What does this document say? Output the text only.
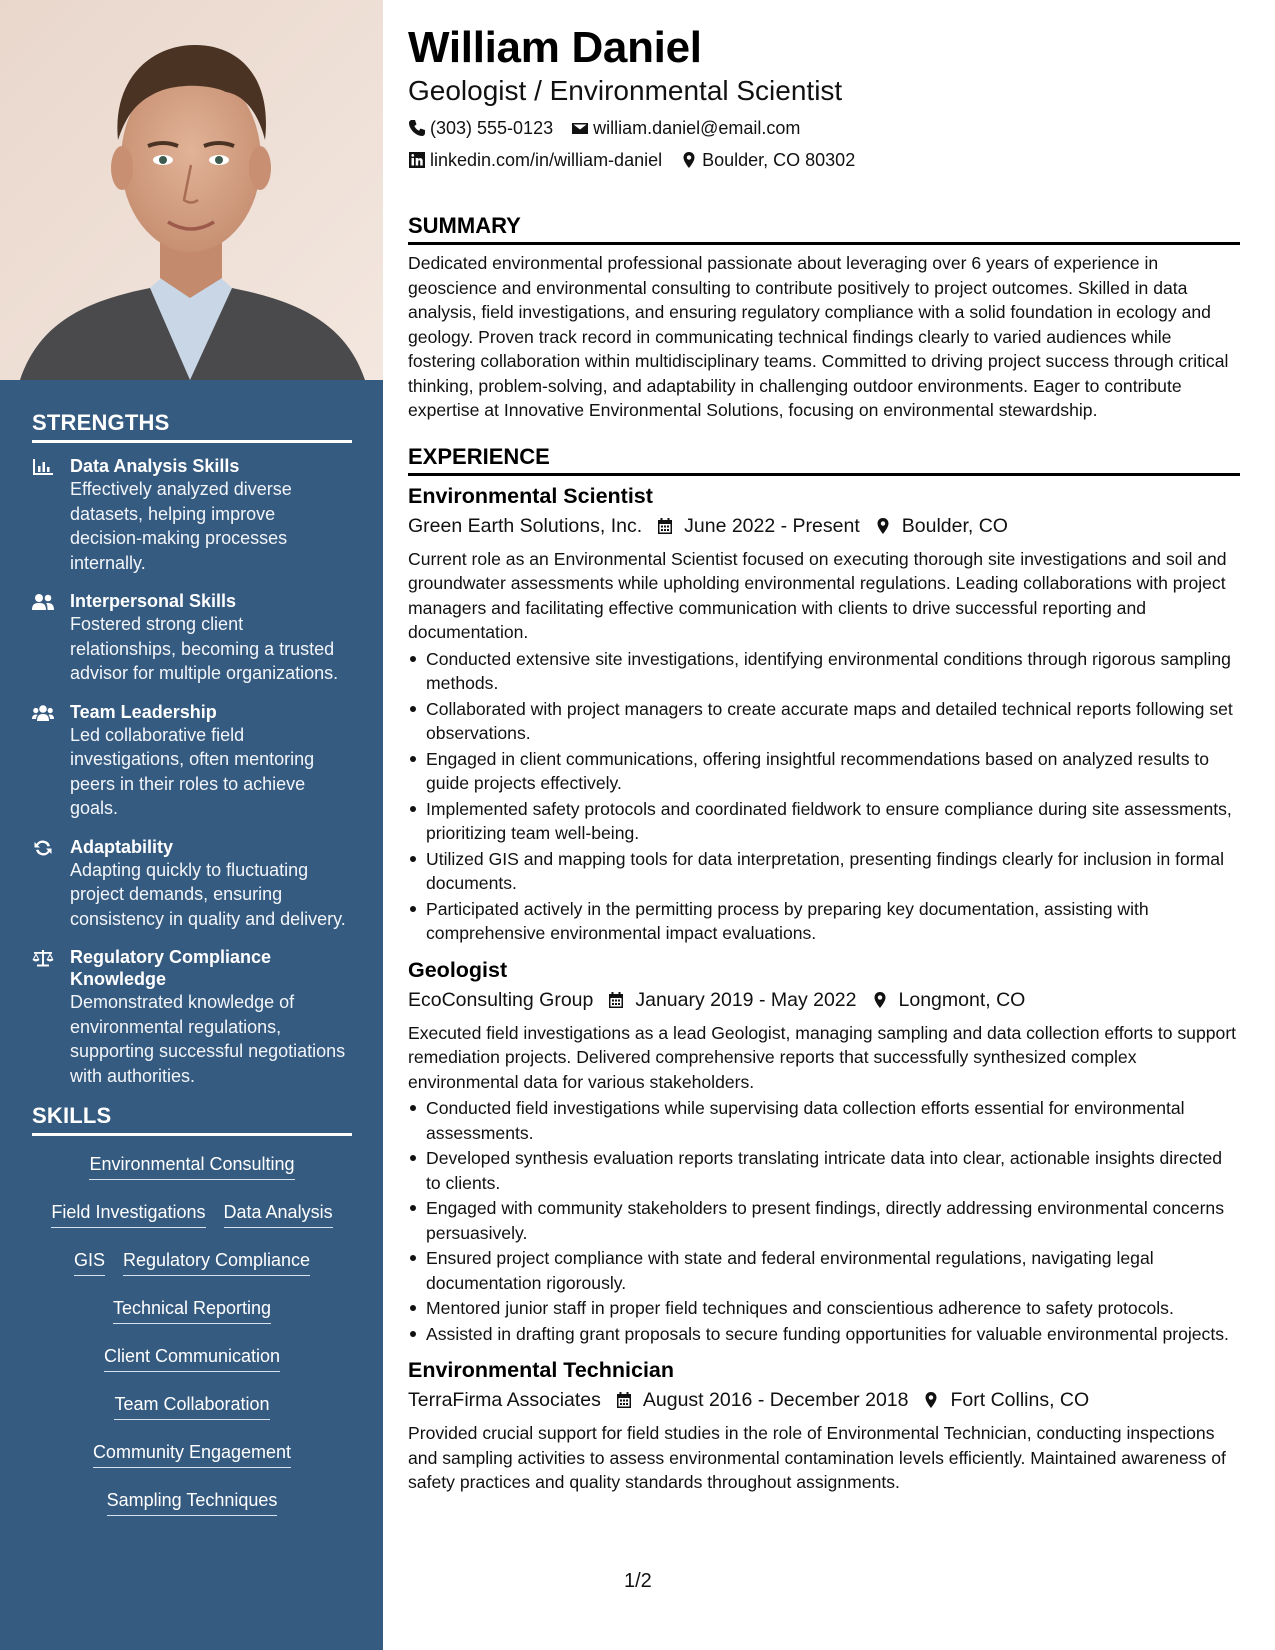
STRENGTHS
Data Analysis Skills
Effectively analyzed diverse datasets, helping improve decision-making processes internally.
Interpersonal Skills
Fostered strong client relationships, becoming a trusted advisor for multiple organizations.
Team Leadership
Led collaborative field investigations, often mentoring peers in their roles to achieve goals.
Adaptability
Adapting quickly to fluctuating project demands, ensuring consistency in quality and delivery.
Regulatory Compliance Knowledge
Demonstrated knowledge of environmental regulations, supporting successful negotiations with authorities.
SKILLS
Environmental Consulting
Field Investigations Data Analysis
GIS Regulatory Compliance
Technical Reporting
Client Communication
Team Collaboration
Community Engagement
Sampling Techniques
William Daniel
Geologist / Environmental Scientist
(303) 555-0123 william.daniel@email.com
linkedin.com/in/william-daniel Boulder, CO 80302
SUMMARY

Dedicated environmental professional passionate about leveraging over 6 years of experience in geoscience and environmental consulting to contribute positively to project outcomes. Skilled in data analysis, field investigations, and ensuring regulatory compliance with a solid foundation in ecology and geology. Proven track record in communicating technical findings clearly to varied audiences while fostering collaboration within multidisciplinary teams. Committed to driving project success through critical thinking, problem-solving, and adaptability in challenging outdoor environments. Eager to contribute expertise at Innovative Environmental Solutions, focusing on environmental stewardship.

EXPERIENCE
Environmental Scientist
Green Earth Solutions, Inc. June 2022 - Present Boulder, CO

Current role as an Environmental Scientist focused on executing thorough site investigations and soil and groundwater assessments while upholding environmental regulations. Leading collaborations with project managers and facilitating effective communication with clients to drive successful reporting and documentation.

Conducted extensive site investigations, identifying environmental conditions through rigorous sampling methods.
Collaborated with project managers to create accurate maps and detailed technical reports following set observations.
Engaged in client communications, offering insightful recommendations based on analyzed results to guide projects effectively.
Implemented safety protocols and coordinated fieldwork to ensure compliance during site assessments, prioritizing team well-being.
Utilized GIS and mapping tools for data interpretation, presenting findings clearly for inclusion in formal documents.
Participated actively in the permitting process by preparing key documentation, assisting with comprehensive environmental impact evaluations.
Geologist
EcoConsulting Group January 2019 - May 2022 Longmont, CO

Executed field investigations as a lead Geologist, managing sampling and data collection efforts to support remediation projects. Delivered comprehensive reports that successfully synthesized complex environmental data for various stakeholders.

Conducted field investigations while supervising data collection efforts essential for environmental assessments.
Developed synthesis evaluation reports translating intricate data into clear, actionable insights directed to clients.
Engaged with community stakeholders to present findings, directly addressing environmental concerns persuasively.
Ensured project compliance with state and federal environmental regulations, navigating legal documentation rigorously.
Mentored junior staff in proper field techniques and conscientious adherence to safety protocols.
Assisted in drafting grant proposals to secure funding opportunities for valuable environmental projects.
Environmental Technician
TerraFirma Associates August 2016 - December 2018 Fort Collins, CO

Provided crucial support for field studies in the role of Environmental Technician, conducting inspections and sampling activities to assess environmental contamination levels efficiently. Maintained awareness of safety practices and quality standards throughout assignments.

1/2
